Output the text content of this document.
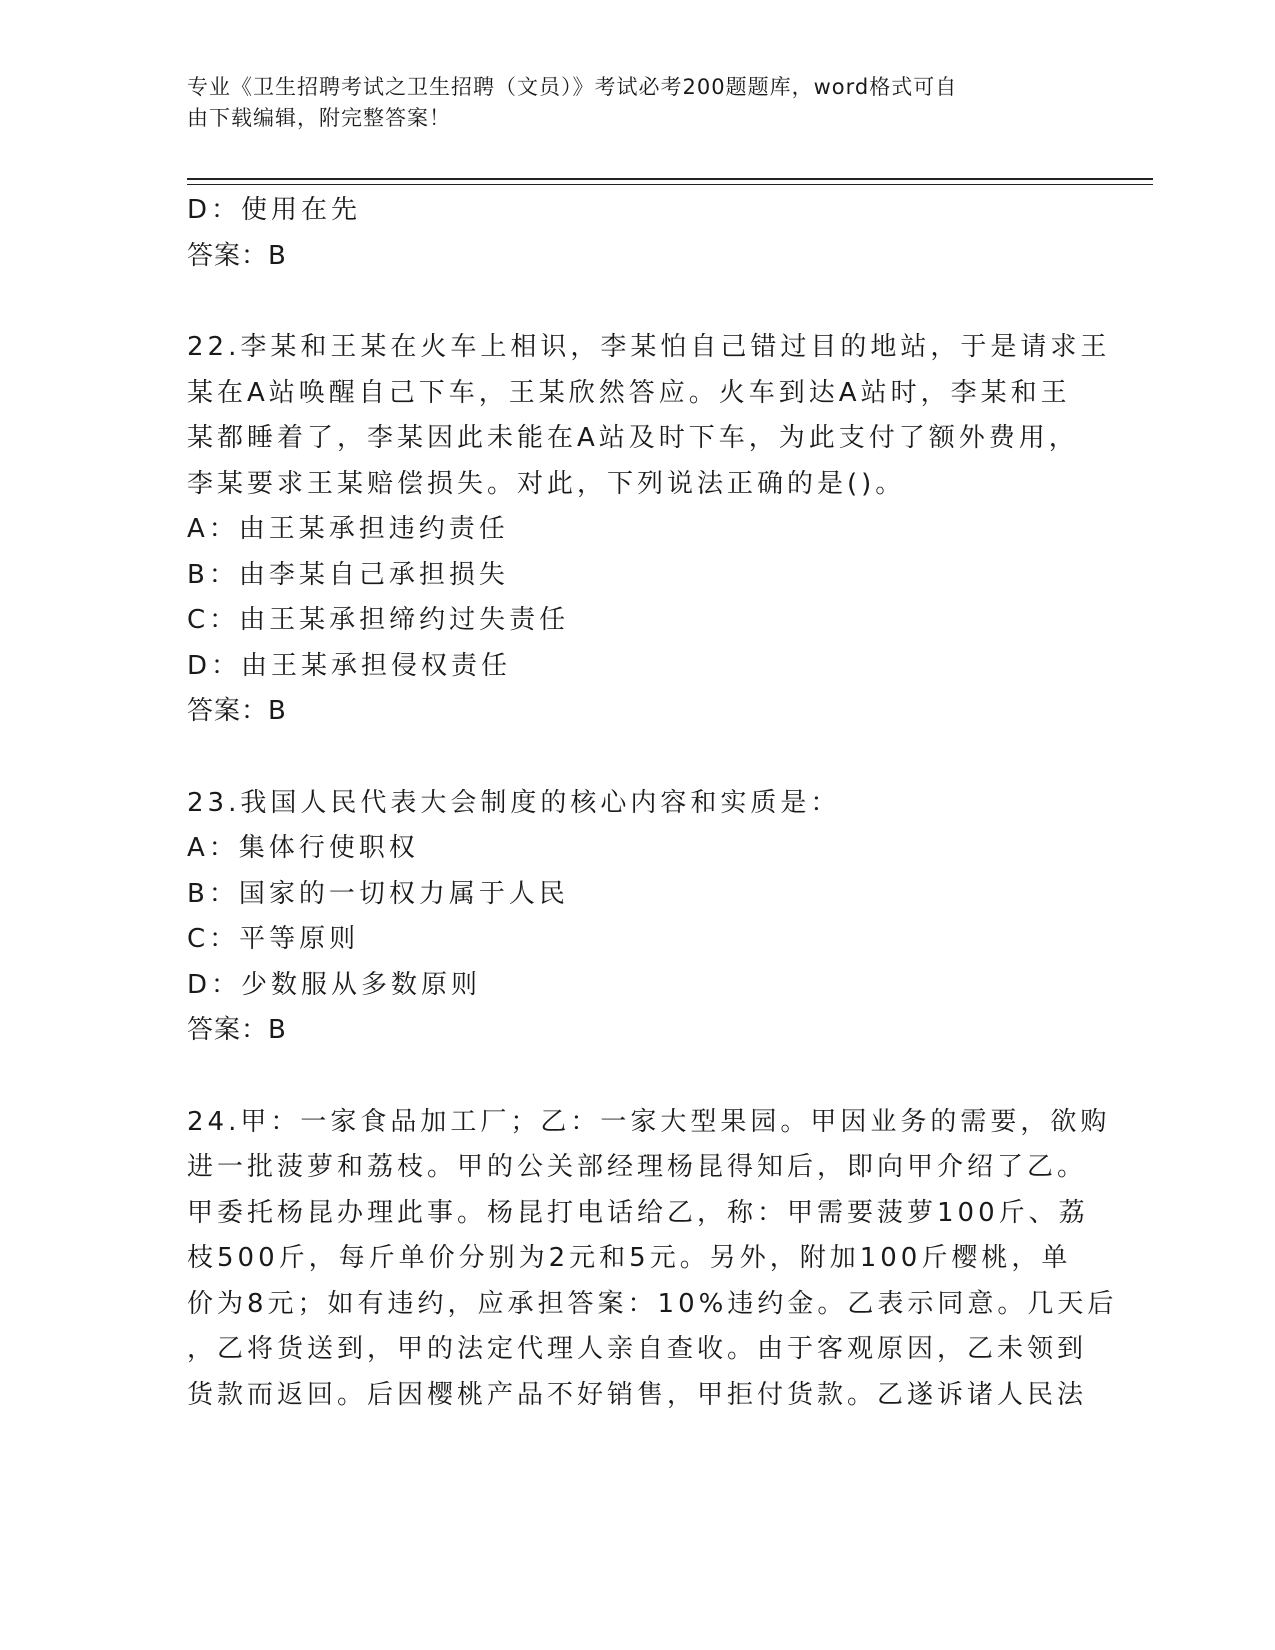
专业《卫生招聘考试之卫生招聘（文员）》考试必考200题题库，word格式可自
由下载编辑，附完整答案！
D：使用在先
答案：B
22.李某和王某在火车上相识，李某怕自己错过目的地站，于是请求王
某在A站唤醒自己下车，王某欣然答应。火车到达A站时，李某和王
某都睡着了，李某因此未能在A站及时下车，为此支付了额外费用，
李某要求王某赔偿损失。对此，下列说法正确的是()。
A：由王某承担违约责任
B：由李某自己承担损失
C：由王某承担缔约过失责任
D：由王某承担侵权责任
答案：B
23.我国人民代表大会制度的核心内容和实质是：
A：集体行使职权
B：国家的一切权力属于人民
C：平等原则
D：少数服从多数原则
答案：B
24.甲：一家食品加工厂；乙：一家大型果园。甲因业务的需要，欲购
进一批菠萝和荔枝。甲的公关部经理杨昆得知后，即向甲介绍了乙。
甲委托杨昆办理此事。杨昆打电话给乙，称：甲需要菠萝100斤、荔
枝500斤，每斤单价分别为2元和5元。另外，附加100斤樱桃，单
价为8元；如有违约，应承担答案：10%违约金。乙表示同意。几天后
，乙将货送到，甲的法定代理人亲自查收。由于客观原因，乙未领到
货款而返回。后因樱桃产品不好销售，甲拒付货款。乙遂诉诸人民法
